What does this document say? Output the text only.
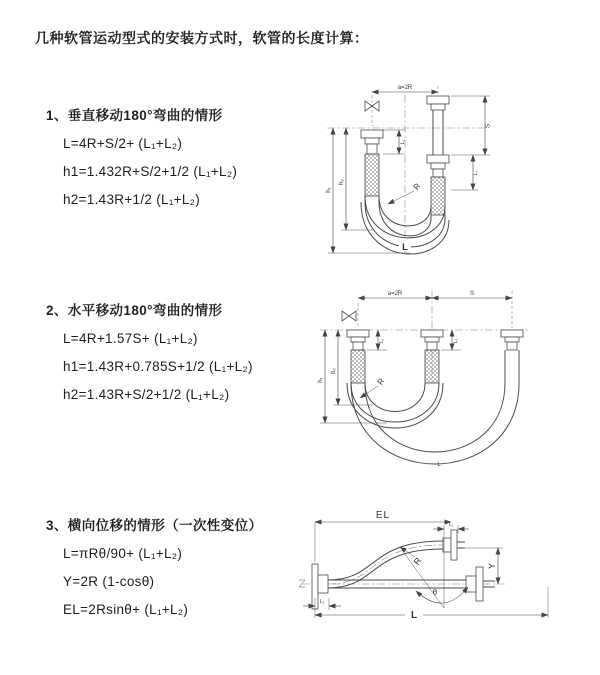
几种软管运动型式的安装方式时，软管的长度计算：
1、垂直移动180°弯曲的情形
L=4R+S/2+ (L₁+L₂)
h1=1.432R+S/2+1/2 (L₁+L₂)
h2=1.43R+1/2 (L₁+L₂)
a=2R
h₁
h₂
L₁
S
L₂
R
L
2、水平移动180°弯曲的情形
L=4R+1.57S+ (L₁+L₂)
h1=1.43R+0.785S+1/2 (L₁+L₂)
h2=1.43R+S/2+1/2 (L₁+L₂)
a=2R	S
h₁
h₂
L₁	L₂
R
L
3、横向位移的情形（一次性变位）
L=πRθ/90+ (L₁+L₂)
Y=2R (1-cosθ)
EL=2Rsinθ+ (L₁+L₂)
θ
EL
L₂
Y
L
L₁
R
